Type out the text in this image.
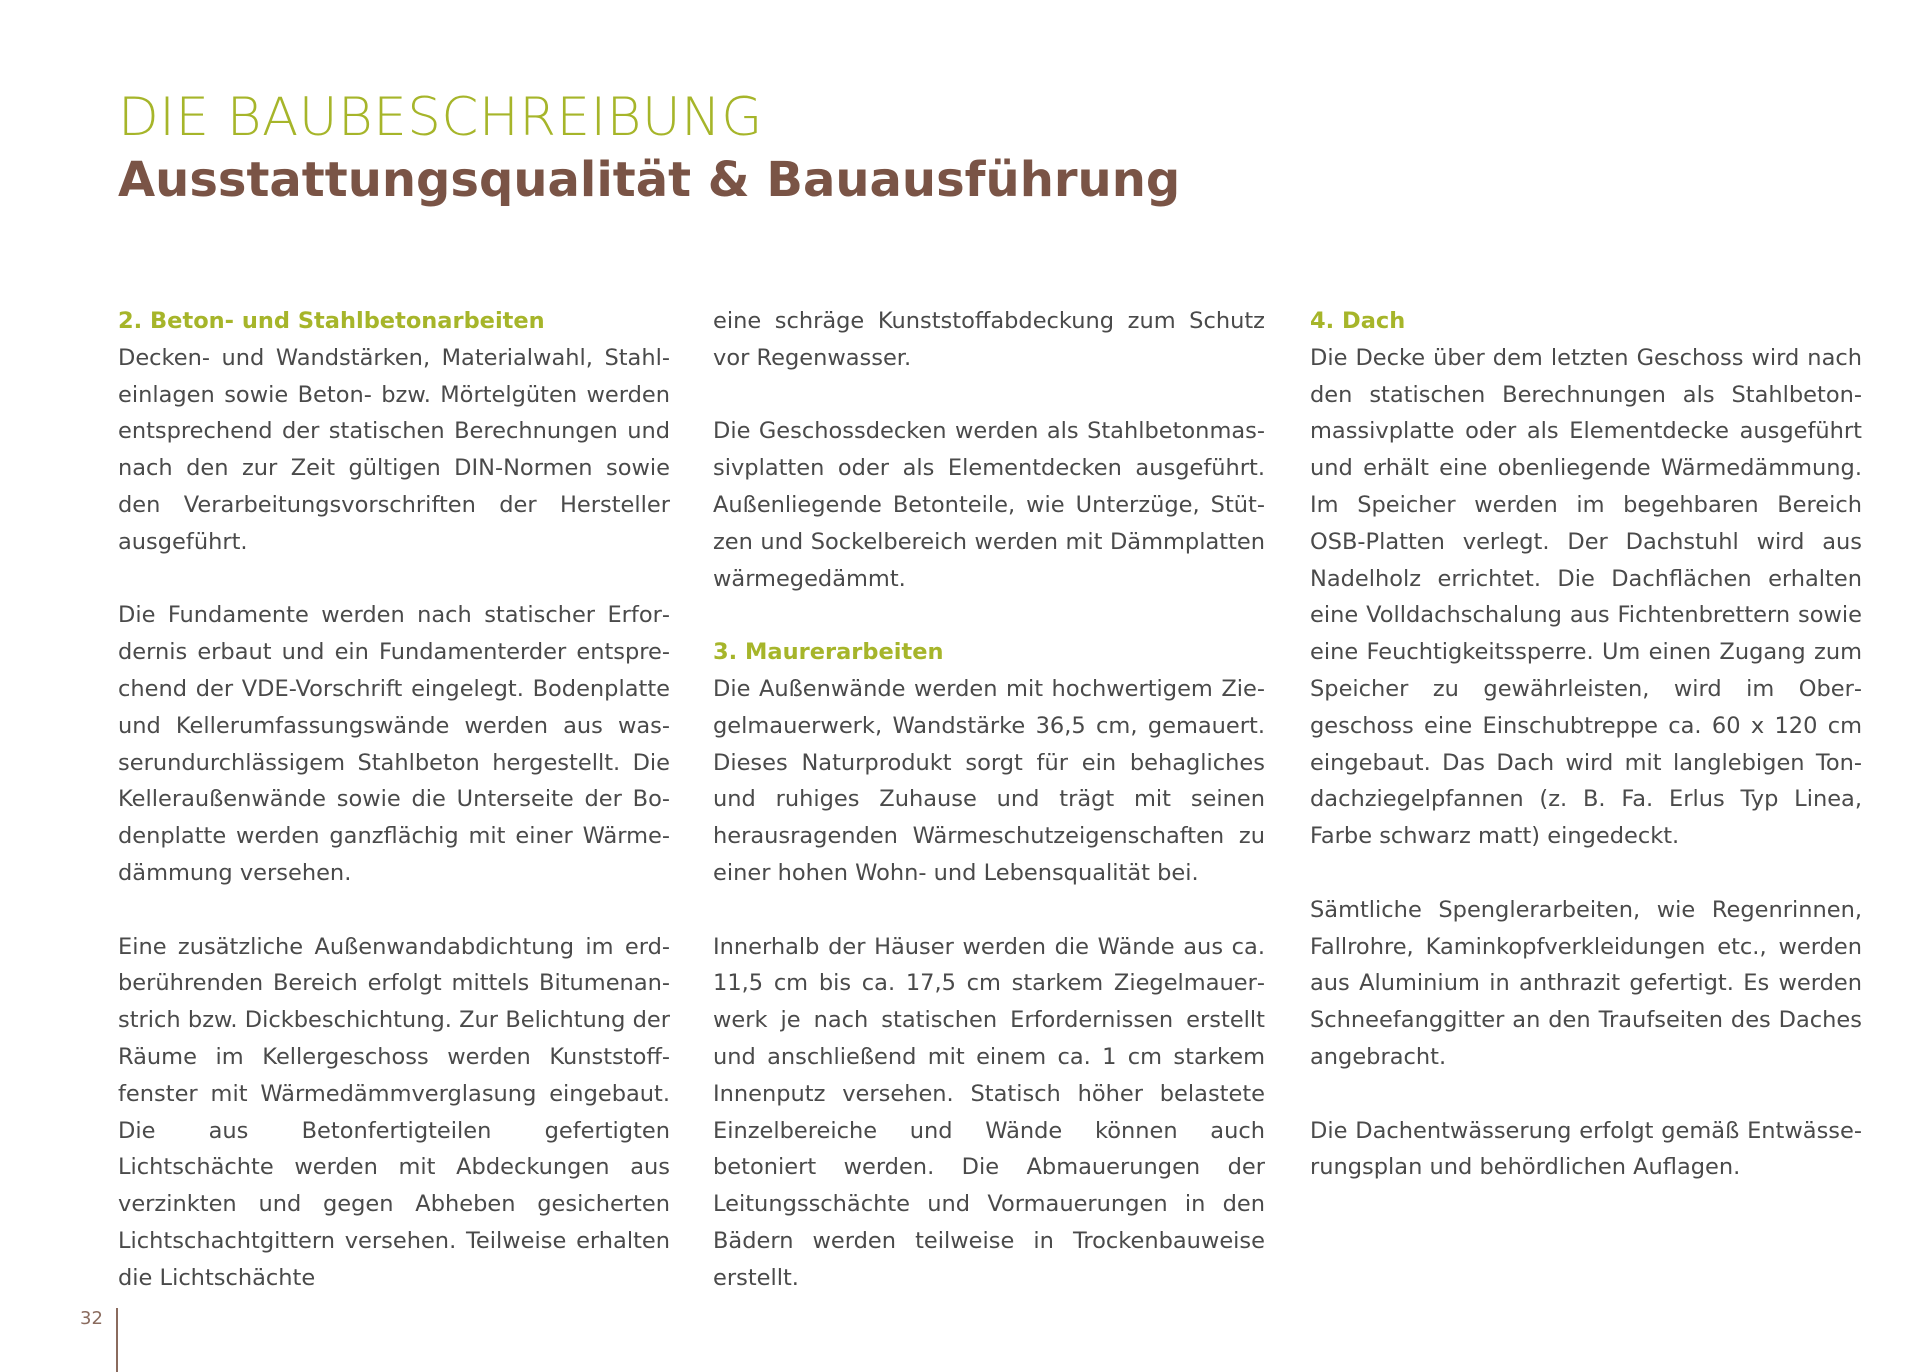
DIE BAUBESCHREIBUNG
Ausstattungsqualität & Bauausführung
2. Beton- und Stahlbetonarbeiten

Decken- und Wandstärken, Materialwahl, Stahleinlagen sowie Beton- bzw. Mörtelgüten werden entsprechend der statischen Berechnungen und nach den zur Zeit gültigen DIN-Normen sowie den Verarbeitungsvorschriften der Hersteller ausgeführt.

Die Fundamente werden nach statischer Erfordernis erbaut und ein Fundamenterder entsprechend der VDE-Vorschrift eingelegt. Bodenplatte und Kellerumfassungswände werden aus wasserundurchlässigem Stahlbeton hergestellt. Die Kelleraußenwände sowie die Unterseite der Bodenplatte werden ganzflächig mit einer Wärmedämmung versehen.

Eine zusätzliche Außenwandabdichtung im erdberührenden Bereich erfolgt mittels Bitumenanstrich bzw. Dickbeschichtung. Zur Belichtung der Räume im Kellergeschoss werden Kunststofffenster mit Wärmedämmverglasung eingebaut. Die aus Betonfertigteilen gefertigten Lichtschächte werden mit Abdeckungen aus verzinkten und gegen Abheben gesicherten Lichtschachtgittern versehen. Teilweise erhalten die Lichtschächte

eine schräge Kunststoffabdeckung zum Schutz vor Regenwasser.

Die Geschossdecken werden als Stahlbetonmassivplatten oder als Elementdecken ausgeführt. Außenliegende Betonteile, wie Unterzüge, Stützen und Sockelbereich werden mit Dämmplatten wärmegedämmt.

3. Maurerarbeiten

Die Außenwände werden mit hochwertigem Ziegelmauerwerk, Wandstärke 36,5 cm, gemauert. Dieses Naturprodukt sorgt für ein behagliches und ruhiges Zuhause und trägt mit seinen herausragenden Wärmeschutzeigenschaften zu einer hohen Wohn- und Lebensqualität bei.

Innerhalb der Häuser werden die Wände aus ca. 11,5 cm bis ca. 17,5 cm starkem Ziegelmauerwerk je nach statischen Erfordernissen erstellt und anschließend mit einem ca. 1 cm starkem Innenputz versehen. Statisch höher belastete Einzelbereiche und Wände können auch betoniert werden. Die Abmauerungen der Leitungsschächte und Vormauerungen in den Bädern werden teilweise in Trockenbauweise erstellt.

4. Dach

Die Decke über dem letzten Geschoss wird nach den statischen Berechnungen als Stahlbetonmassivplatte oder als Elementdecke ausgeführt und erhält eine obenliegende Wärmedämmung. Im Speicher werden im begehbaren Bereich OSB-Platten verlegt. Der Dachstuhl wird aus Nadelholz errichtet. Die Dachflächen erhalten eine Volldachschalung aus Fichtenbrettern sowie eine Feuchtigkeitssperre. Um einen Zugang zum Speicher zu gewährleisten, wird im Obergeschoss eine Einschubtreppe ca. 60 x 120 cm eingebaut. Das Dach wird mit langlebigen Tondachziegelpfannen (z. B. Fa. Erlus Typ Linea, Farbe schwarz matt) eingedeckt.

Sämtliche Spenglerarbeiten, wie Regenrinnen, Fallrohre, Kaminkopfverkleidungen etc., werden aus Aluminium in anthrazit gefertigt. Es werden Schneefanggitter an den Traufseiten des Daches angebracht.

Die Dachentwässerung erfolgt gemäß Entwässerungsplan und behördlichen Auflagen.

32
